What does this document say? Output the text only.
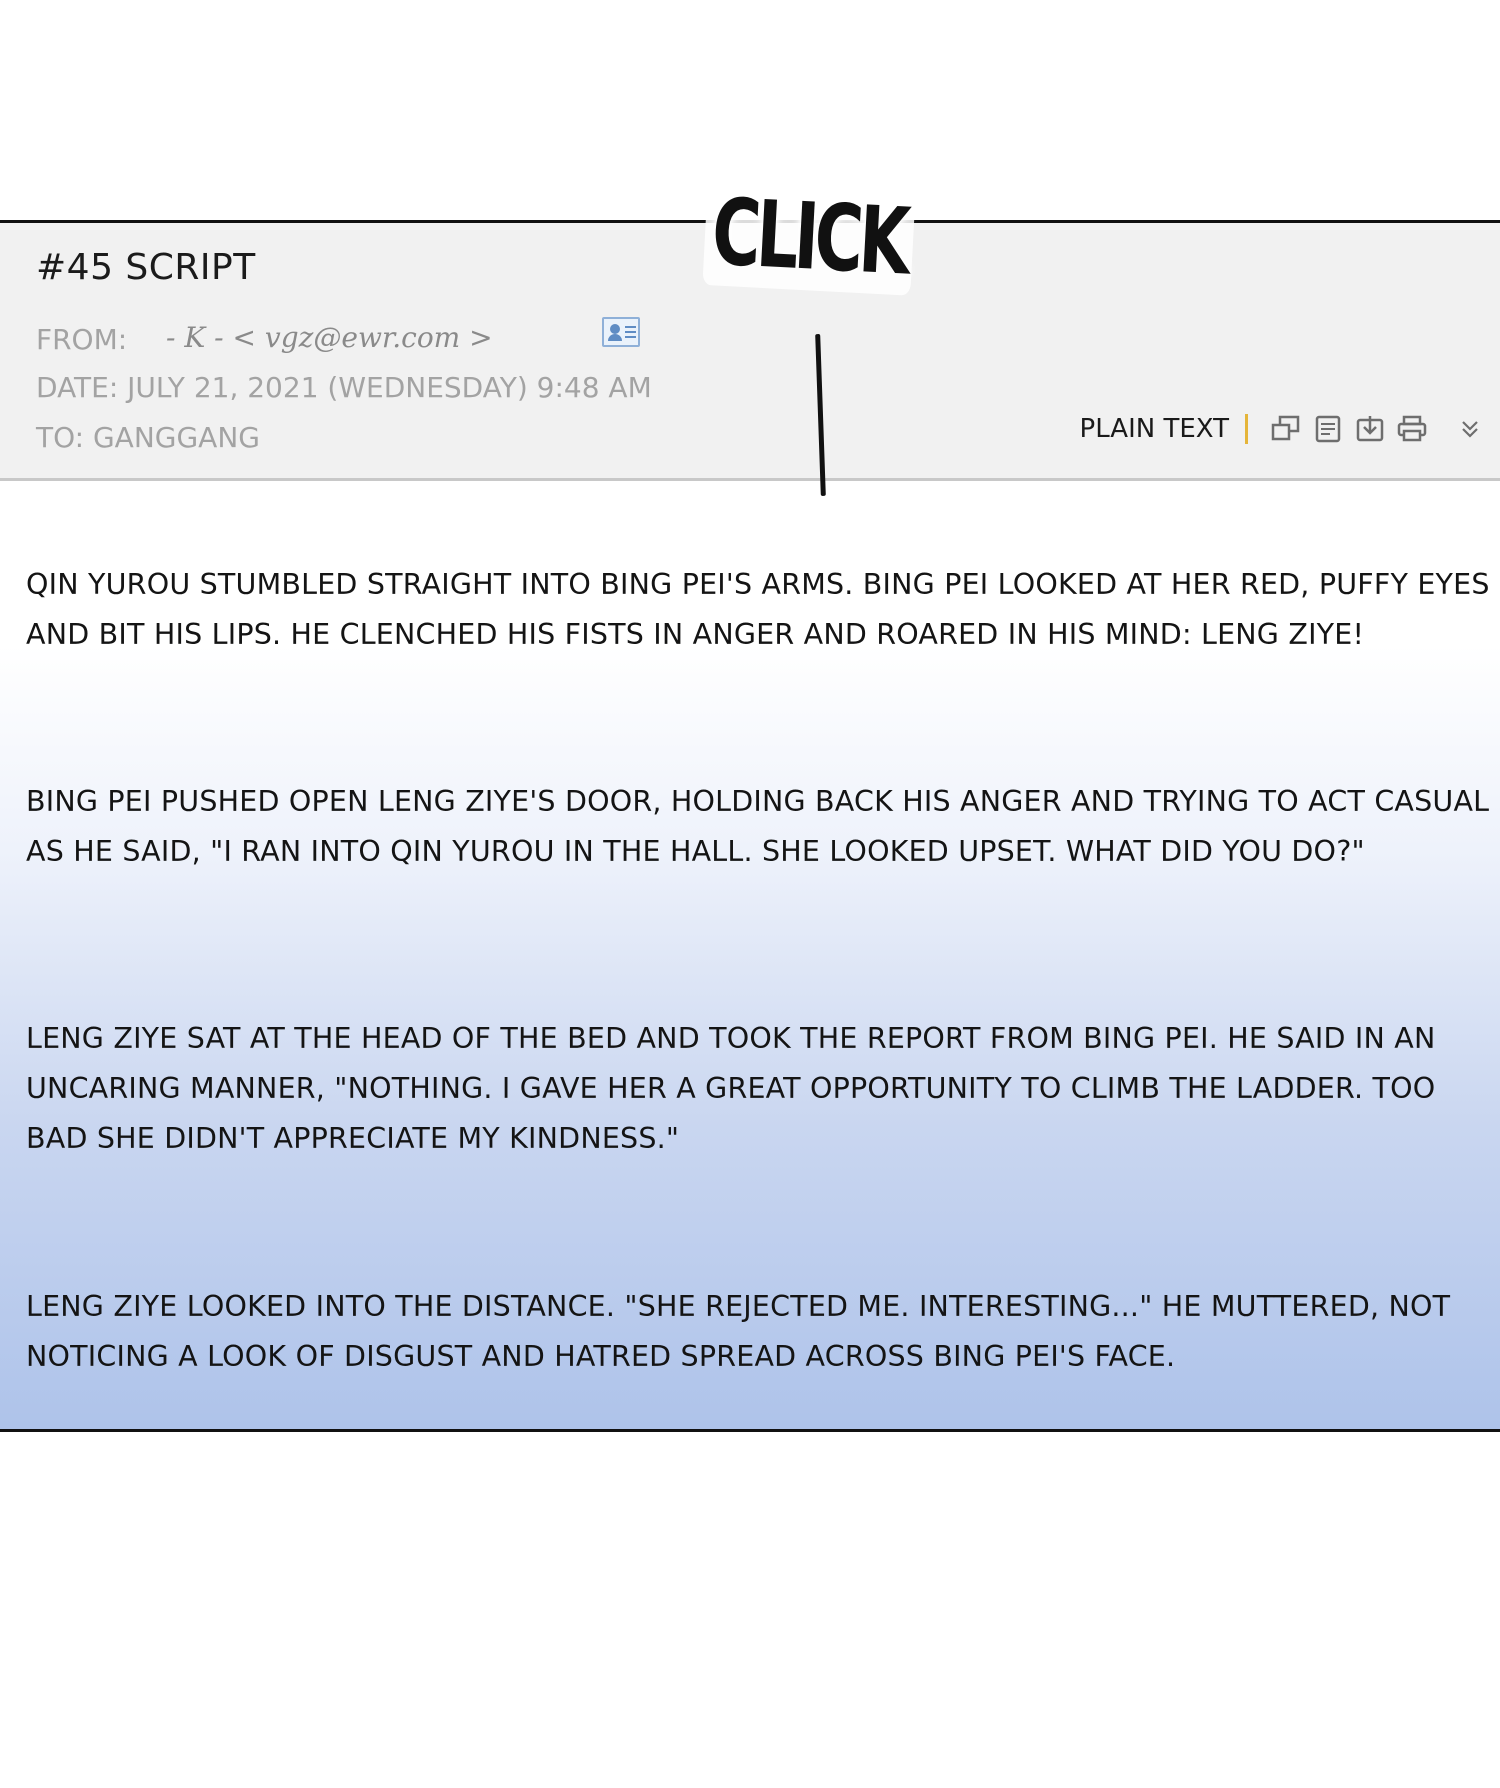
#45 SCRIPT
FROM: - K - < vgz@ewr.com >
DATE: JULY 21, 2021 (WEDNESDAY) 9:48 AM
TO: GANGGANG	PLAIN TEXT
CLICK
QIN YUROU STUMBLED STRAIGHT INTO BING PEI'S ARMS. BING PEI LOOKED AT HER RED, PUFFY EYES AND BIT HIS LIPS. HE CLENCHED HIS FISTS IN ANGER AND ROARED IN HIS MIND: LENG ZIYE!
BING PEI PUSHED OPEN LENG ZIYE'S DOOR, HOLDING BACK HIS ANGER AND TRYING TO ACT CASUAL AS HE SAID, "I RAN INTO QIN YUROU IN THE HALL. SHE LOOKED UPSET. WHAT DID YOU DO?"
LENG ZIYE SAT AT THE HEAD OF THE BED AND TOOK THE REPORT FROM BING PEI. HE SAID IN AN UNCARING MANNER, "NOTHING. I GAVE HER A GREAT OPPORTUNITY TO CLIMB THE LADDER. TOO BAD SHE DIDN'T APPRECIATE MY KINDNESS."
LENG ZIYE LOOKED INTO THE DISTANCE. "SHE REJECTED ME. INTERESTING..." HE MUTTERED, NOT NOTICING A LOOK OF DISGUST AND HATRED SPREAD ACROSS BING PEI'S FACE.
